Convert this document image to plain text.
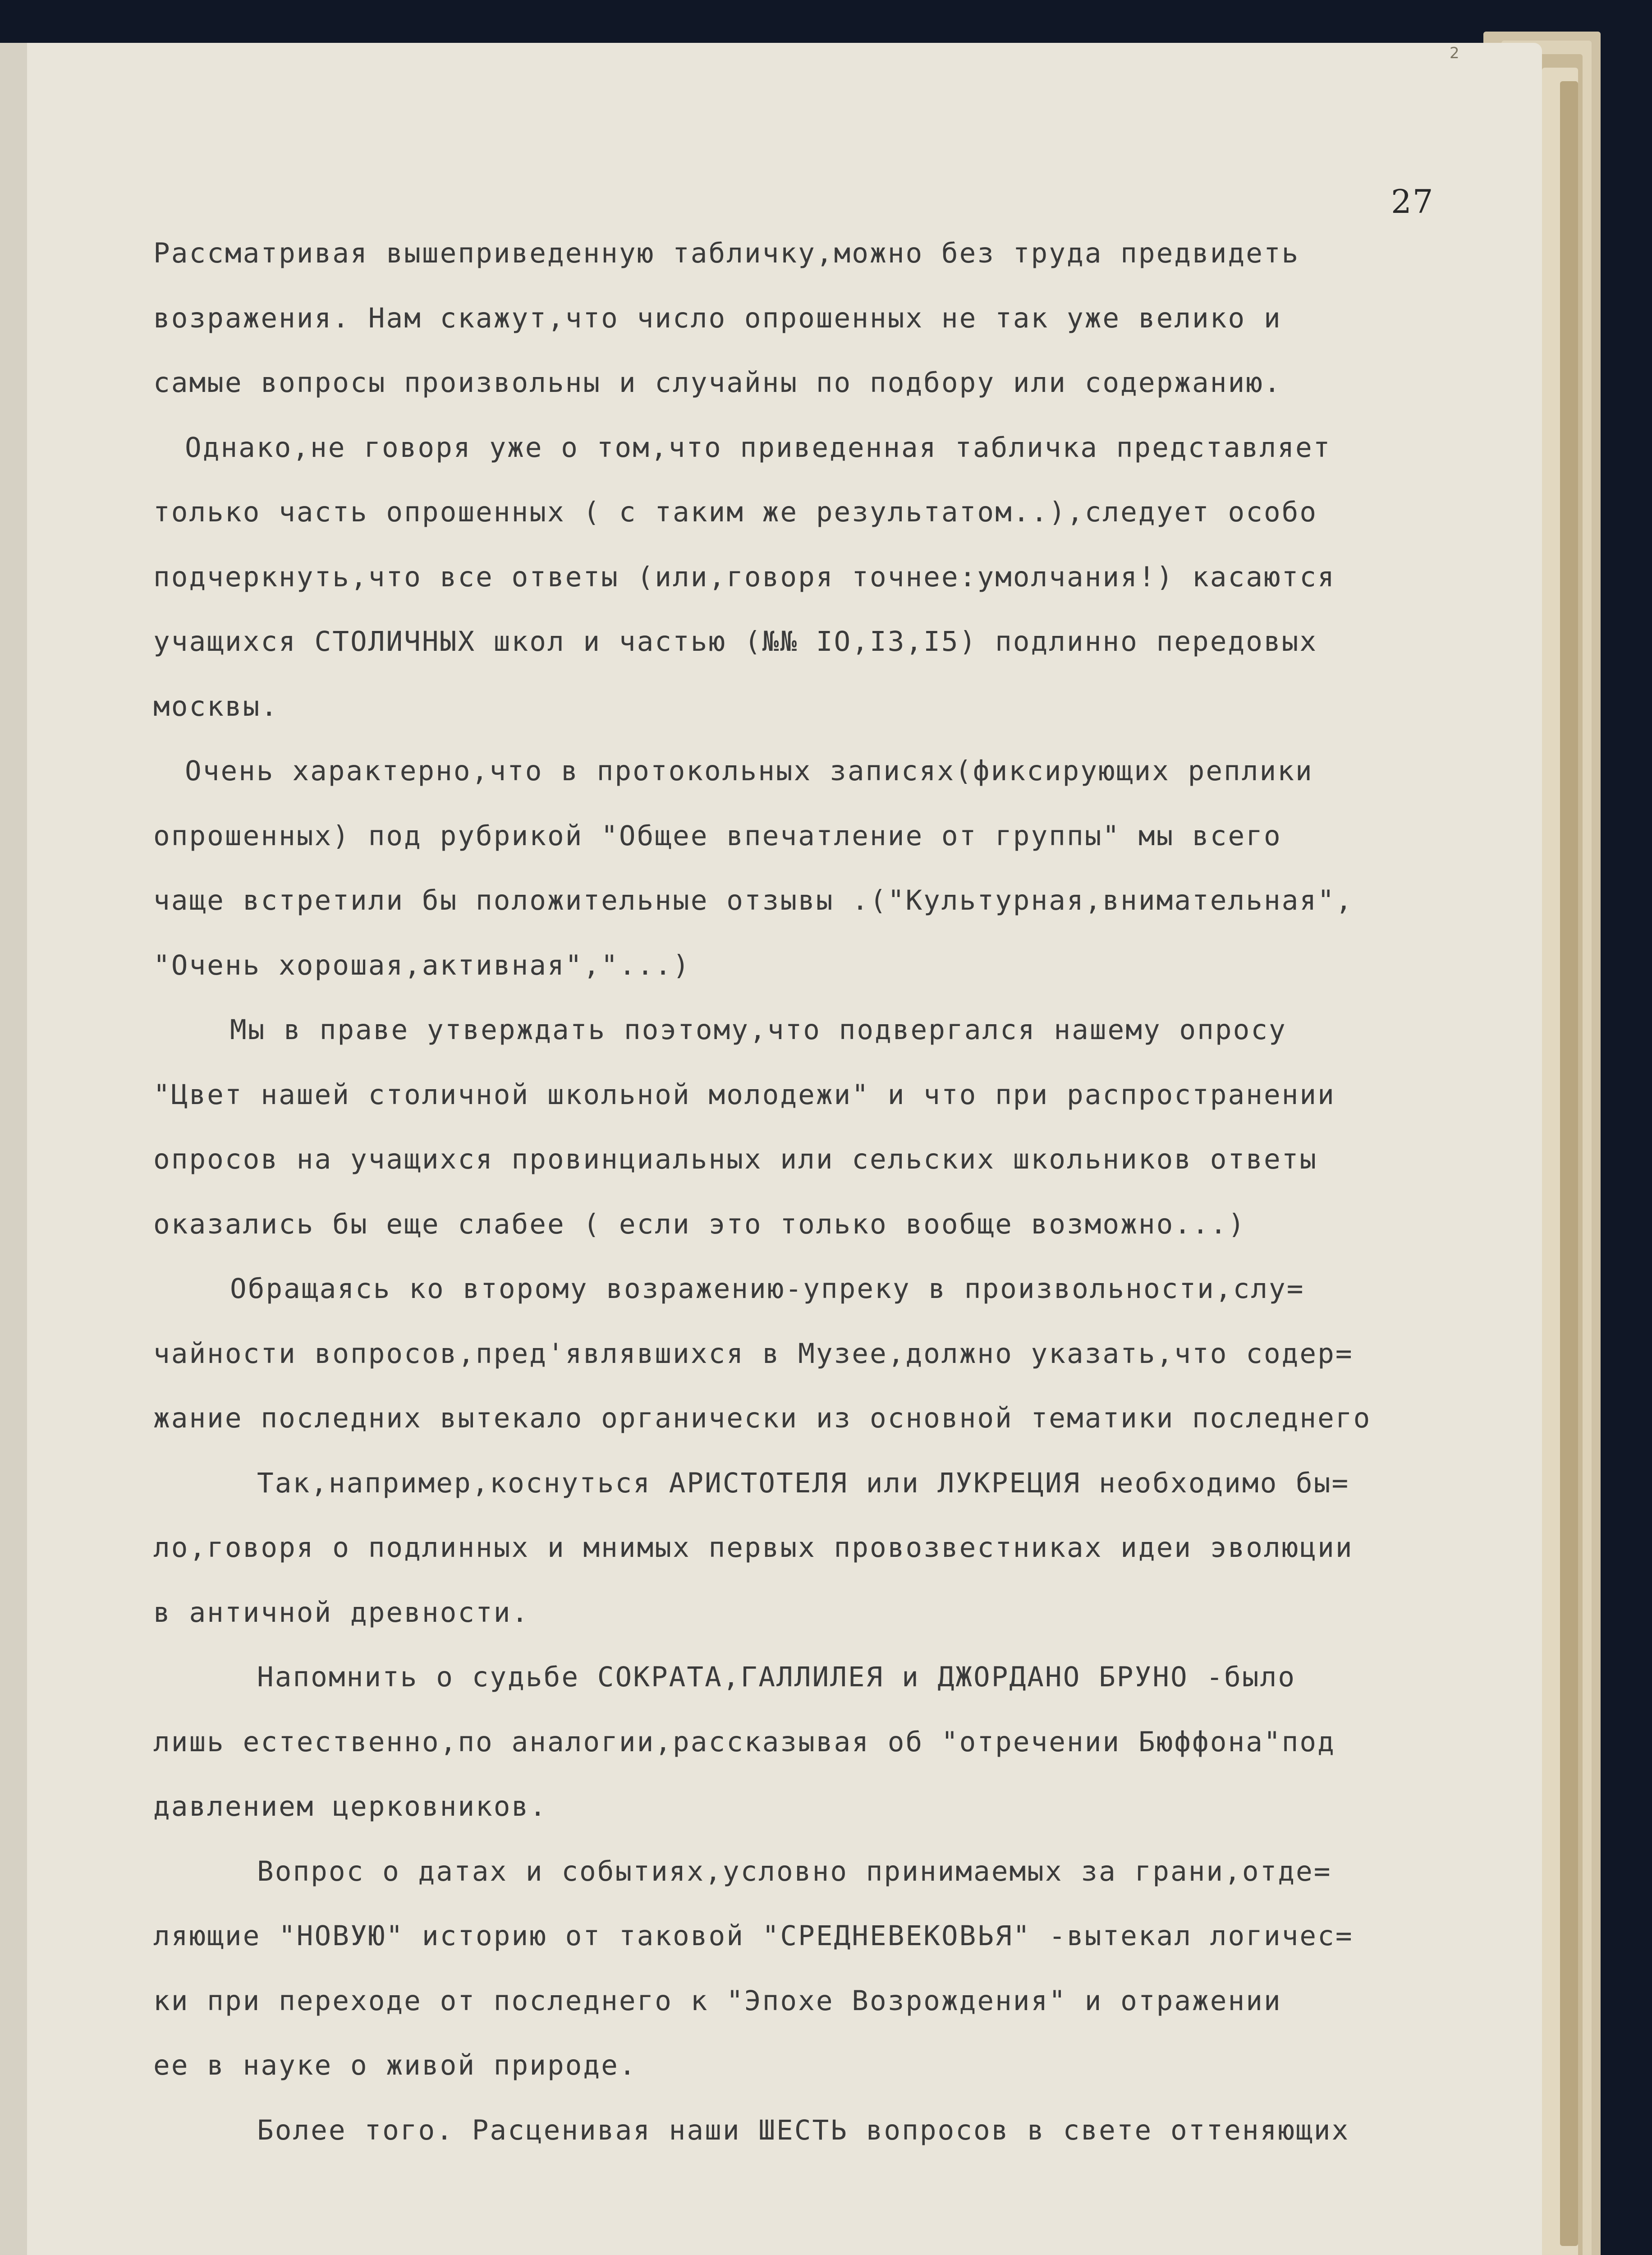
2
27
Рассматривая вышеприведенную табличку,можно без труда предвидеть
возражения. Нам скажут,что число опрошенных не так уже велико и
самые вопросы произвольны и случайны по подбору или содержанию.
Однако,не говоря уже о том,что приведенная табличка представляет
только часть опрошенных ( с таким же результатом..),следует особо
подчеркнуть,что все ответы (или,говоря точнее:умолчания!) касаются
учащихся СТОЛИЧНЫХ школ и частью (№№ IO,I3,I5) подлинно передовых
москвы.
Очень характерно,что в протокольных записях(фиксирующих реплики
опрошенных) под рубрикой "Общее впечатление от группы" мы всего
чаще встретили бы положительные отзывы .("Культурная,внимательная",
"Очень хорошая,активная","...)
Мы в праве утверждать поэтому,что подвергался нашему опросу
"Цвет нашей столичной школьной молодежи" и что при распространении
опросов на учащихся провинциальных или сельских школьников ответы
оказались бы еще слабее ( если это только вообще возможно...)
Обращаясь ко второму возражению-упреку в произвольности,слу=
чайности вопросов,пред'являвшихся в Музее,должно указать,что содер=
жание последних вытекало органически из основной тематики последнего
Так,например,коснуться АРИСТОТЕЛЯ или ЛУКРЕЦИЯ необходимо бы=
ло,говоря о подлинных и мнимых первых провозвестниках идеи эволюции
в античной древности.
Напомнить о судьбе СОКРАТА,ГАЛЛИЛЕЯ и ДЖОРДАНО БРУНО -было
лишь естественно,по аналогии,рассказывая об "отречении Бюффона"под
давлением церковников.
Вопрос о датах и событиях,условно принимаемых за грани,отде=
ляющие "НОВУЮ" историю от таковой "СРЕДНЕВЕКОВЬЯ" -вытекал логичес=
ки при переходе от последнего к "Эпохе Возрождения" и отражении
ее в науке о живой природе.
Более того. Расценивая наши ШЕСТЬ вопросов в свете оттеняющих
